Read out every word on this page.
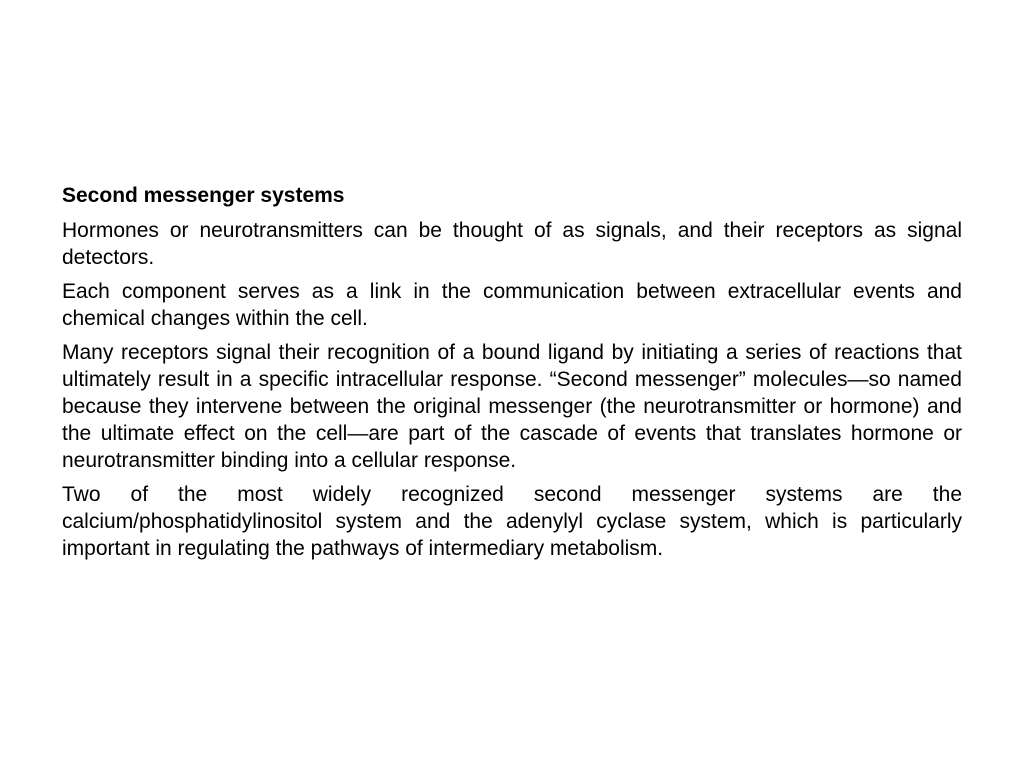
Second messenger systems

Hormones or neurotransmitters can be thought of as signals, and their receptors as signal detectors.

Each component serves as a link in the communication between extracellular events and chemical changes within the cell.

Many receptors signal their recognition of a bound ligand by initiating a series of reactions that ultimately result in a specific intracellular response. “Second messenger” molecules—so named because they intervene between the original messenger (the neurotransmitter or hormone) and the ultimate effect on the cell—are part of the cascade of events that translates hormone or neurotransmitter binding into a cellular response.

Two of the most widely recognized second messenger systems are the calcium/phosphatidylinositol system and the adenylyl cyclase system, which is particularly important in regulating the pathways of intermediary metabolism.
